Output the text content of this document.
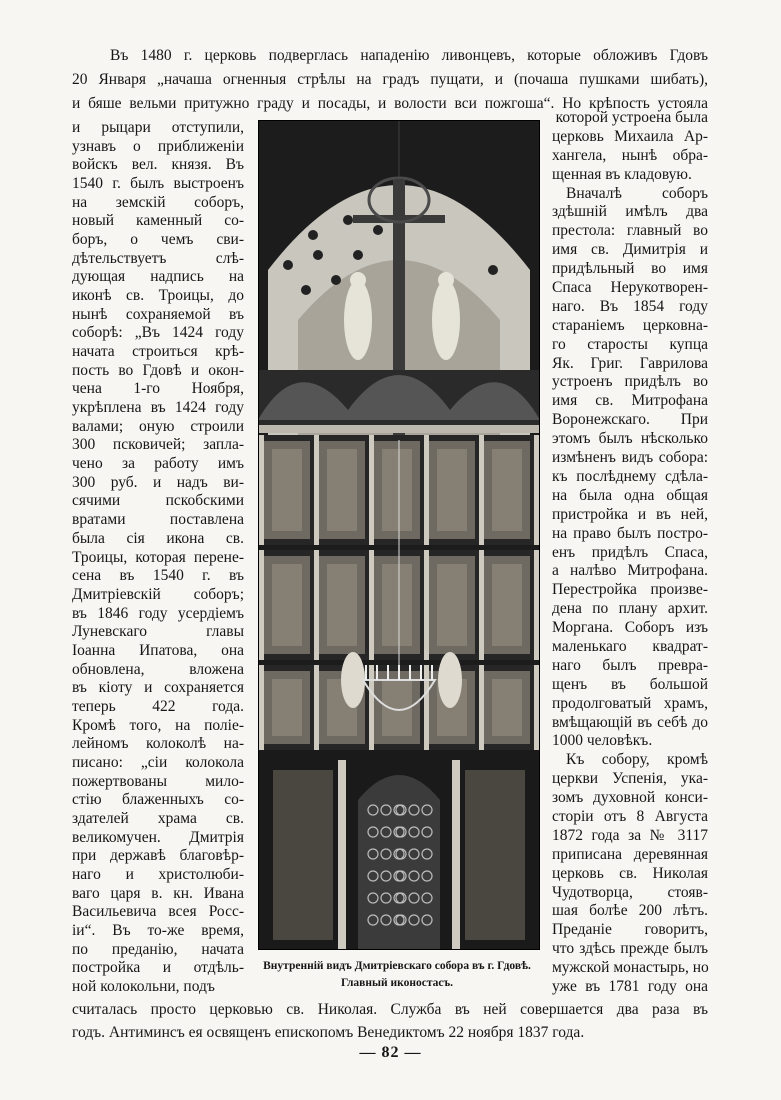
Въ 1480 г. церковь подверглась нападенію ливонцевъ, которые обложивъ Гдовъ
20 Января „начаша огненныя стрѣлы на градъ пущати, и (почаша пушками шибать),
и бяше вельми притужно граду и посады, и волости вси пожгоша“. Но крѣпость устояла
и рыцари отступили,
узнавъ о приближеніи
войскъ вел. князя. Въ
1540 г. былъ выстроенъ
на земскій соборъ,
новый каменный со-
боръ, о чемъ сви-
дѣтельствуетъ слѣ-
дующая надпись на
иконѣ св. Троицы, до
нынѣ сохраняемой въ
соборѣ: „Въ 1424 году
начата строиться крѣ-
пость во Гдовѣ и окон-
чена 1-го Ноября,
укрѣплена въ 1424 году
валами; оную строили
300 псковичей; запла-
чено за работу имъ
300 руб. и надъ ви-
сячими пскобскими
вратами поставлена
была сія икона св.
Троицы, которая перене-
сена въ 1540 г. въ
Дмитріевскій соборъ;
въ 1846 году усердіемъ
Луневскаго главы
Іоанна Ипатова, она
обновлена, вложена
въ кіоту и сохраняется
теперь 422 года.
Кромѣ того, на поліе-
лейномъ колоколѣ на-
писано: „сіи колокола
пожертвованы мило-
стію блаженныхъ со-
здателей храма св.
великомучен. Дмитрія
при державѣ благовѣр-
наго и христолюби-
ваго царя в. кн. Ивана
Васильевича всея Росс-
іи“. Въ то-же время,
по преданію, начата
постройка и отдѣль-
ной колокольни, подъ
Внутренній видъ Дмитріевскаго собора въ г. Гдовѣ.
Главный иконостасъ.
которой устроена была
церковь Михаила Ар-
хангела, нынѣ обра-
щенная въ кладовую.
Вначалѣ соборъ
здѣшній имѣлъ два
престола: главный во
имя св. Димитрія и
придѣльный во имя
Спаса Нерукотворен-
наго. Въ 1854 году
стараніемъ церковна-
го старосты купца
Як. Григ. Гаврилова
устроенъ придѣлъ во
имя св. Митрофана
Воронежскаго. При
этомъ былъ нѣсколько
измѣненъ видъ собора:
къ послѣднему сдѣла-
на была одна общая
пристройка и въ ней,
на право былъ постро-
енъ придѣлъ Спаса,
а налѣво Митрофана.
Перестройка произве-
дена по плану архит.
Моргана. Соборъ изъ
маленькаго квадрат-
наго былъ превра-
щенъ въ большой
продолговатый храмъ,
вмѣщающій въ себѣ до
1000 человѣкъ.
Къ собору, кромѣ
церкви Успенія, ука-
зомъ духовной конси-
сторіи отъ 8 Августа
1872 года за № 3117
приписана деревянная
церковь св. Николая
Чудотворца, стояв-
шая болѣе 200 лѣтъ.
Преданіе говоритъ,
что здѣсь прежде былъ
мужской монастырь, но
уже въ 1781 году она
считалась просто церковью св. Николая. Служба въ ней совершается два раза въ
годъ. Антиминсъ ея освященъ епископомъ Венедиктомъ 22 ноября 1837 года.
— 82 —
